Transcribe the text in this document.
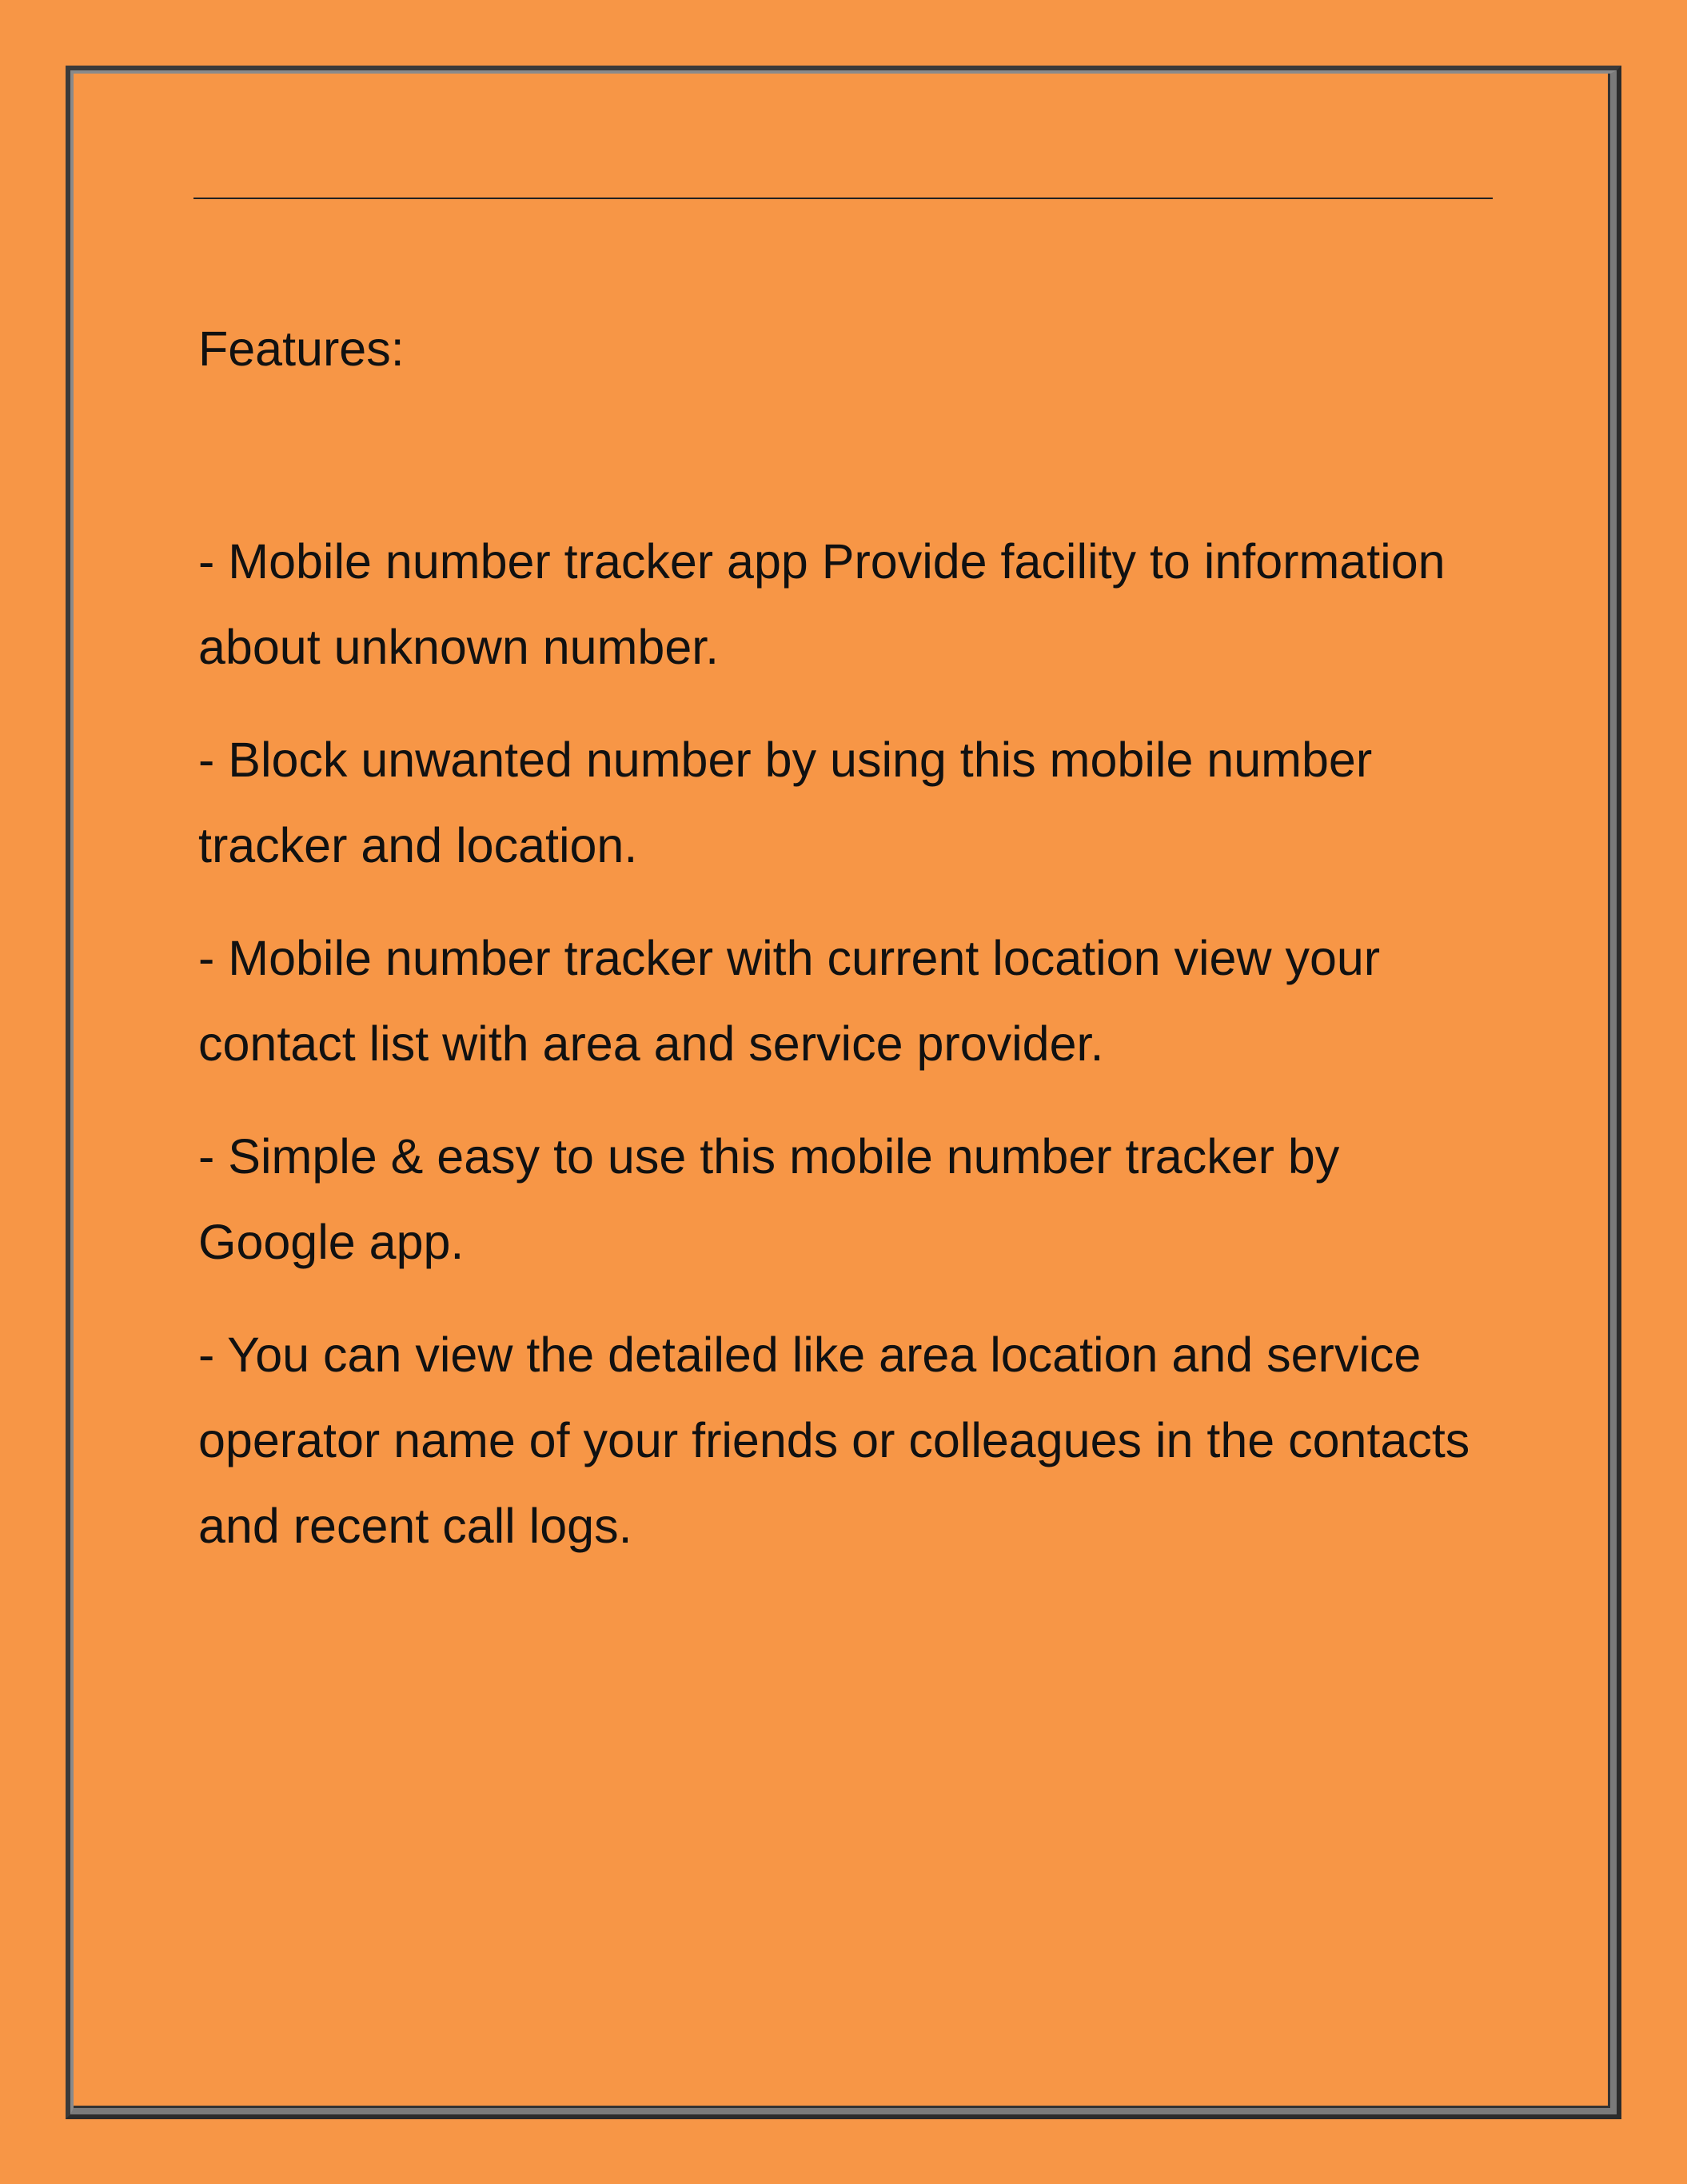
Features:

- Mobile number tracker app Provide facility to information about unknown number.

- Block unwanted number by using this mobile number tracker and location.

- Mobile number tracker with current location view your contact list with area and service provider.

- Simple & easy to use this mobile number tracker by Google app.

- You can view the detailed like area location and service operator name of your friends or colleagues in the contacts and recent call logs.
